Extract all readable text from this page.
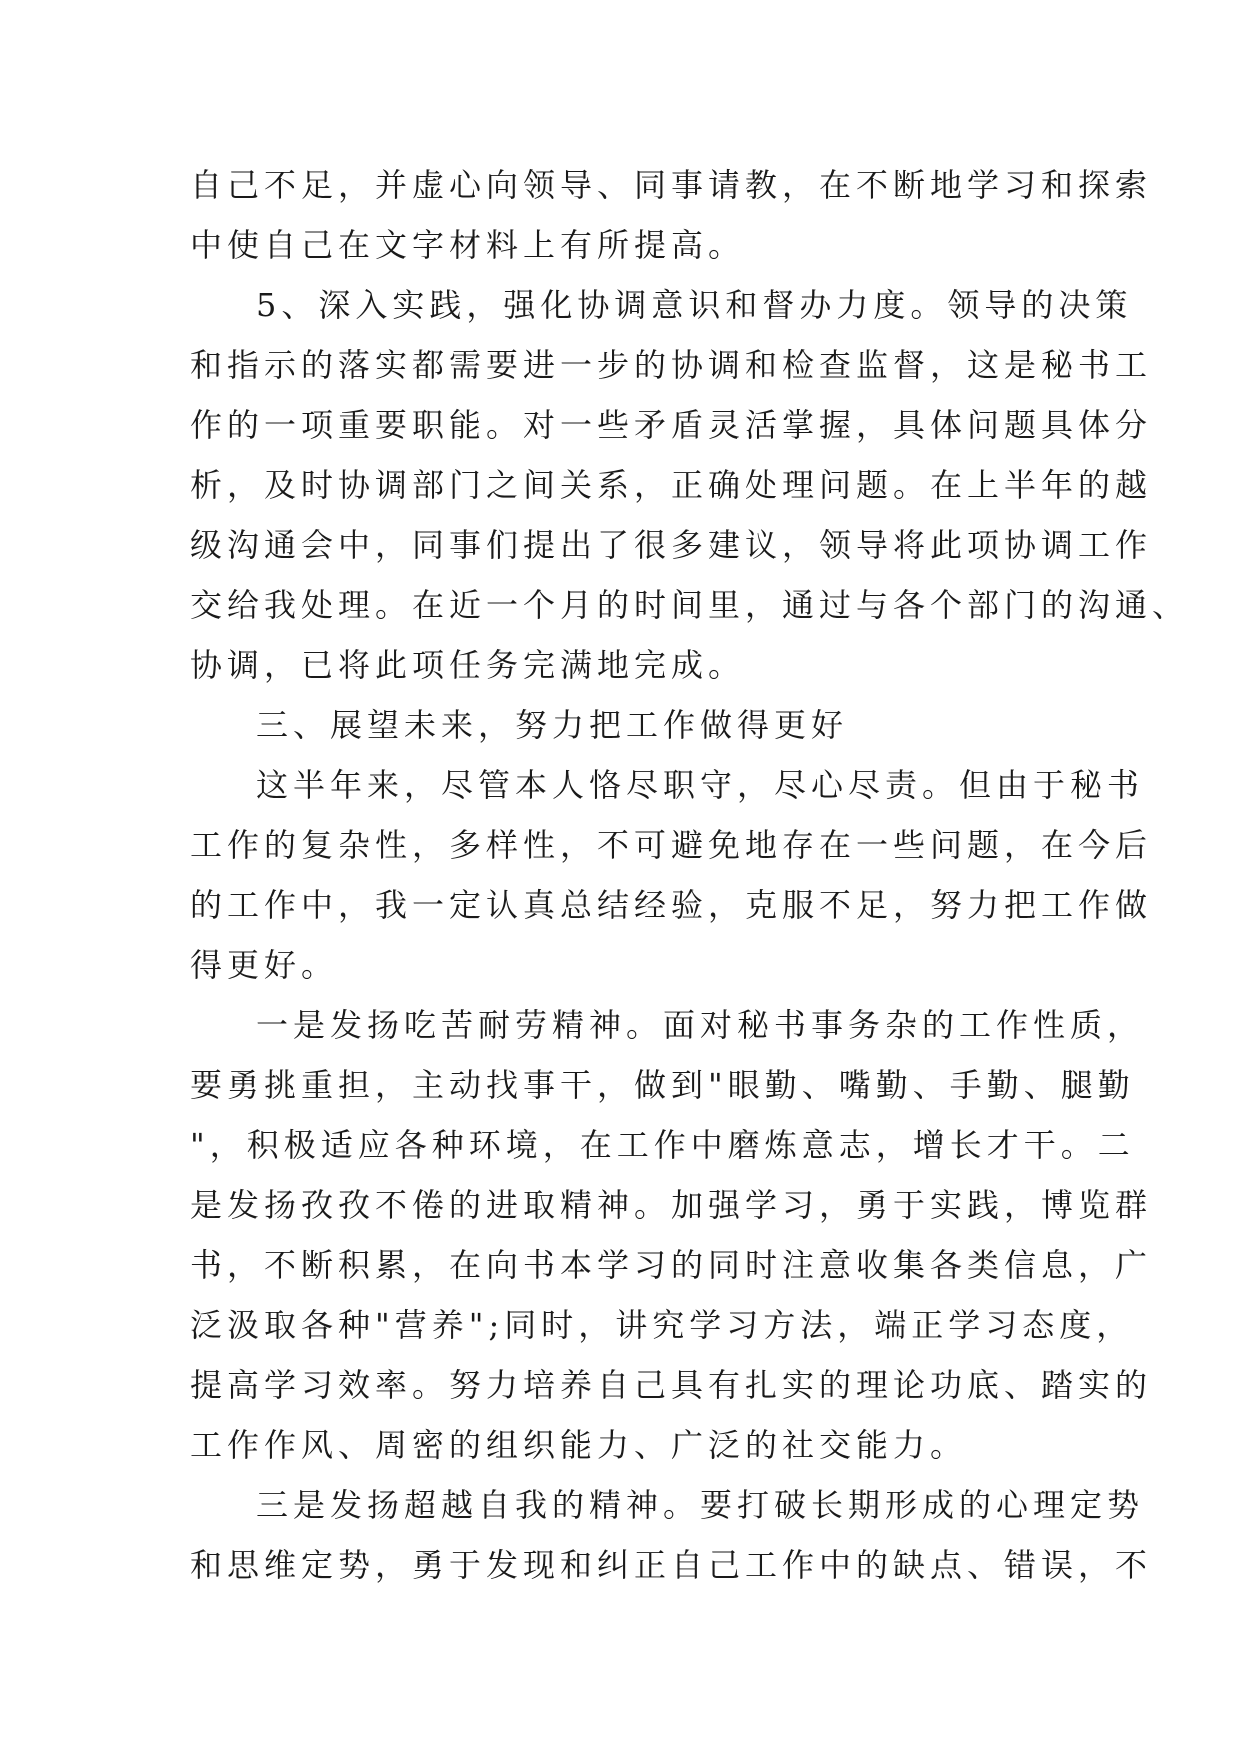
自己不足，并虚心向领导、同事请教，在不断地学习和探索
中使自己在文字材料上有所提高。
5、深入实践，强化协调意识和督办力度。领导的决策
和指示的落实都需要进一步的协调和检查监督，这是秘书工
作的一项重要职能。对一些矛盾灵活掌握，具体问题具体分
析，及时协调部门之间关系，正确处理问题。在上半年的越
级沟通会中，同事们提出了很多建议，领导将此项协调工作
交给我处理。在近一个月的时间里，通过与各个部门的沟通、
协调，已将此项任务完满地完成。
三、展望未来，努力把工作做得更好
这半年来，尽管本人恪尽职守，尽心尽责。但由于秘书
工作的复杂性，多样性，不可避免地存在一些问题，在今后
的工作中，我一定认真总结经验，克服不足，努力把工作做
得更好。
一是发扬吃苦耐劳精神。面对秘书事务杂的工作性质，
要勇挑重担，主动找事干，做到"眼勤、嘴勤、手勤、腿勤
"，积极适应各种环境，在工作中磨炼意志，增长才干。二
是发扬孜孜不倦的进取精神。加强学习，勇于实践，博览群
书，不断积累，在向书本学习的同时注意收集各类信息，广
泛汲取各种"营养";同时，讲究学习方法，端正学习态度，
提高学习效率。努力培养自己具有扎实的理论功底、踏实的
工作作风、周密的组织能力、广泛的社交能力。
三是发扬超越自我的精神。要打破长期形成的心理定势
和思维定势，勇于发现和纠正自己工作中的缺点、错误，不
